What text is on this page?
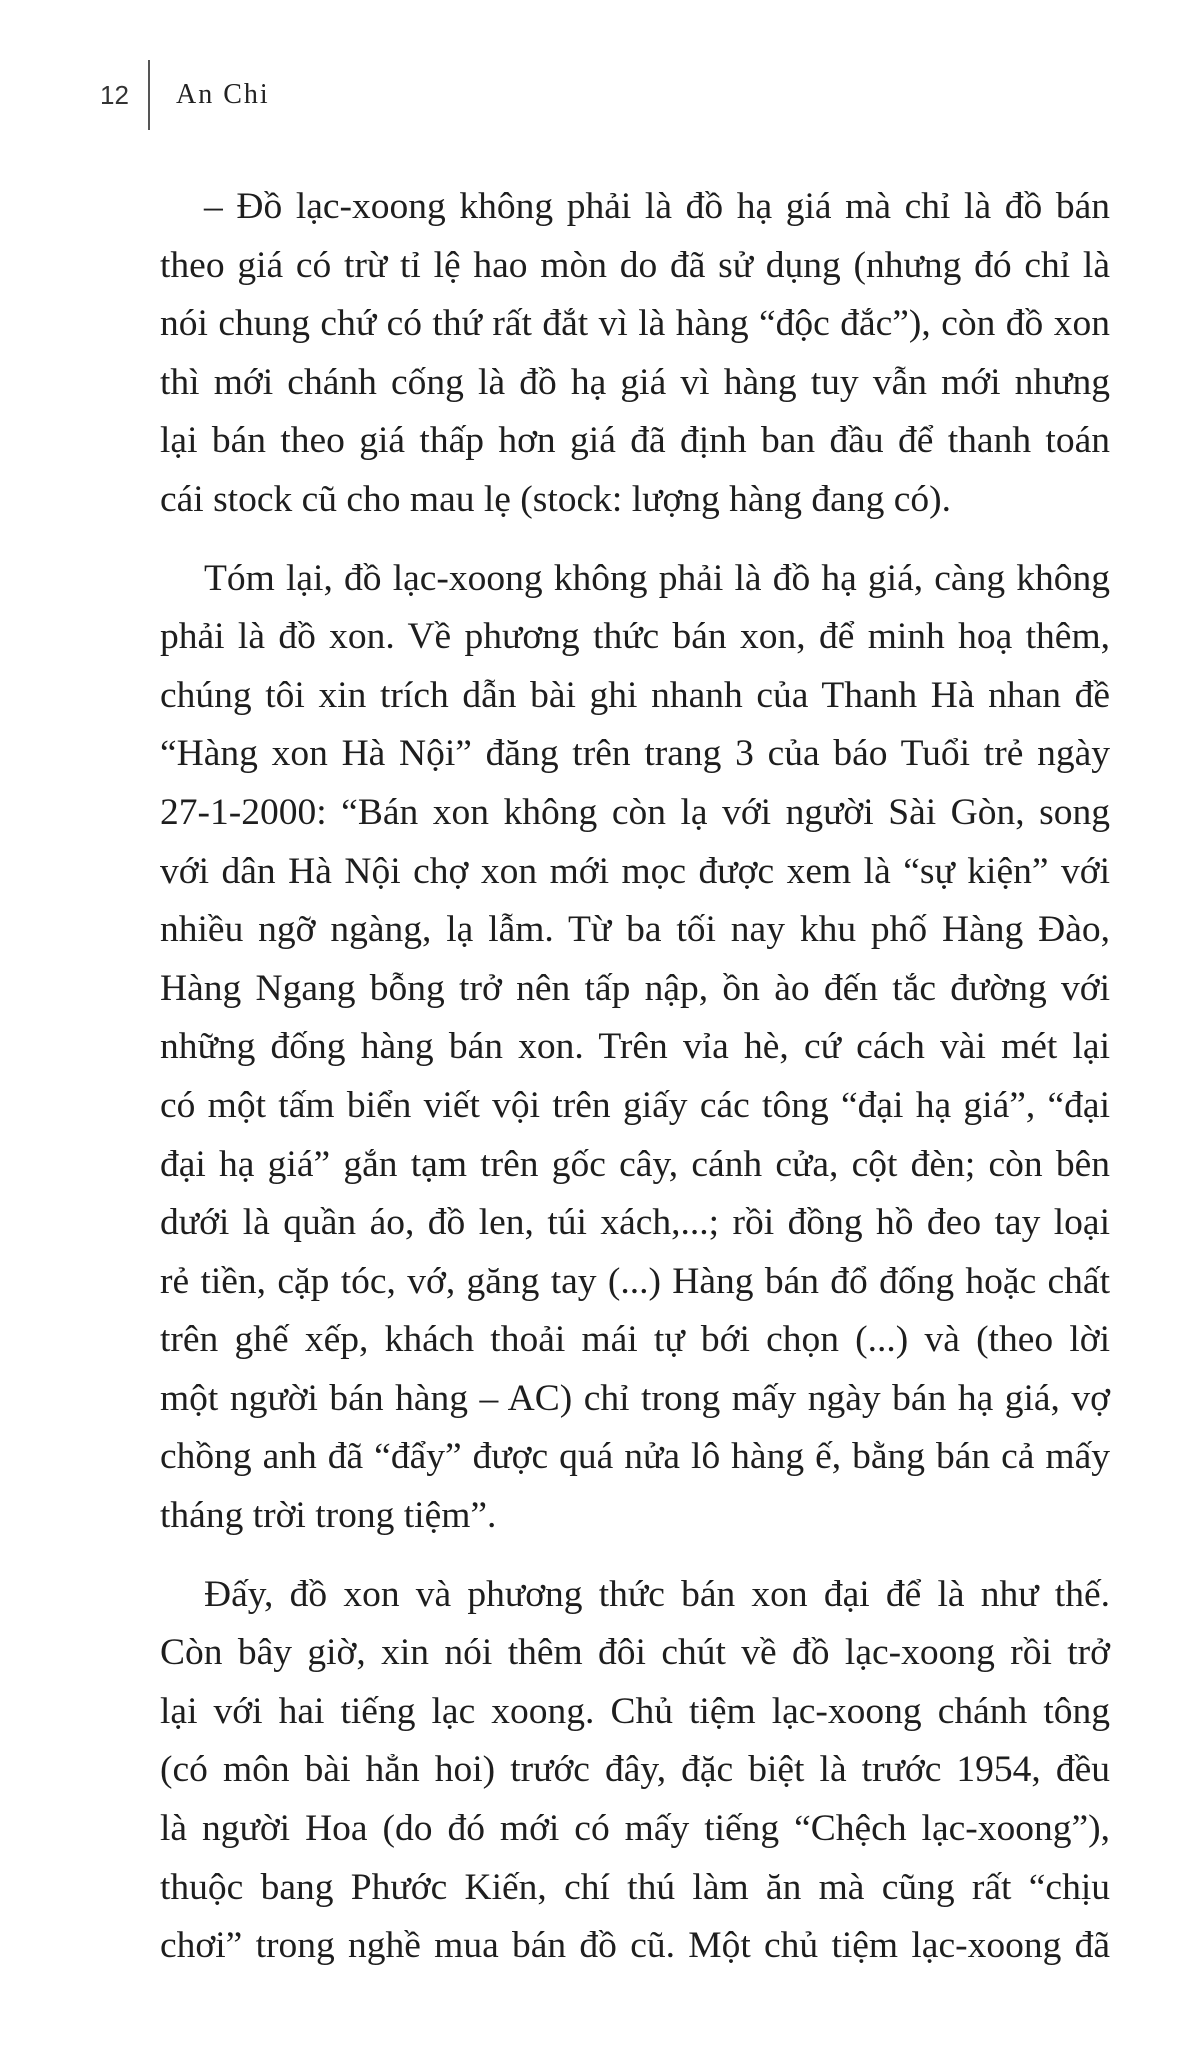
12	An Chi
– Đồ lạc-xoong không phải là đồ hạ giá mà chỉ là đồ bán
theo giá có trừ tỉ lệ hao mòn do đã sử dụng (nhưng đó chỉ là
nói chung chứ có thứ rất đắt vì là hàng “độc đắc”), còn đồ xon
thì mới chánh cống là đồ hạ giá vì hàng tuy vẫn mới nhưng
lại bán theo giá thấp hơn giá đã định ban đầu để thanh toán
cái stock cũ cho mau lẹ (stock: lượng hàng đang có).
Tóm lại, đồ lạc-xoong không phải là đồ hạ giá, càng không
phải là đồ xon. Về phương thức bán xon, để minh hoạ thêm,
chúng tôi xin trích dẫn bài ghi nhanh của Thanh Hà nhan đề
“Hàng xon Hà Nội” đăng trên trang 3 của báo Tuổi trẻ ngày
27-1-2000: “Bán xon không còn lạ với người Sài Gòn, song
với dân Hà Nội chợ xon mới mọc được xem là “sự kiện” với
nhiều ngỡ ngàng, lạ lẫm. Từ ba tối nay khu phố Hàng Đào,
Hàng Ngang bỗng trở nên tấp nập, ồn ào đến tắc đường với
những đống hàng bán xon. Trên vỉa hè, cứ cách vài mét lại
có một tấm biển viết vội trên giấy các tông “đại hạ giá”, “đại
đại hạ giá” gắn tạm trên gốc cây, cánh cửa, cột đèn; còn bên
dưới là quần áo, đồ len, túi xách,...; rồi đồng hồ đeo tay loại
rẻ tiền, cặp tóc, vớ, găng tay (...) Hàng bán đổ đống hoặc chất
trên ghế xếp, khách thoải mái tự bới chọn (...) và (theo lời
một người bán hàng – AC) chỉ trong mấy ngày bán hạ giá, vợ
chồng anh đã “đẩy” được quá nửa lô hàng ế, bằng bán cả mấy
tháng trời trong tiệm”.
Đấy, đồ xon và phương thức bán xon đại để là như thế.
Còn bây giờ, xin nói thêm đôi chút về đồ lạc-xoong rồi trở
lại với hai tiếng lạc xoong. Chủ tiệm lạc-xoong chánh tông
(có môn bài hẳn hoi) trước đây, đặc biệt là trước 1954, đều
là người Hoa (do đó mới có mấy tiếng “Chệch lạc-xoong”),
thuộc bang Phước Kiến, chí thú làm ăn mà cũng rất “chịu
chơi” trong nghề mua bán đồ cũ. Một chủ tiệm lạc-xoong đã
